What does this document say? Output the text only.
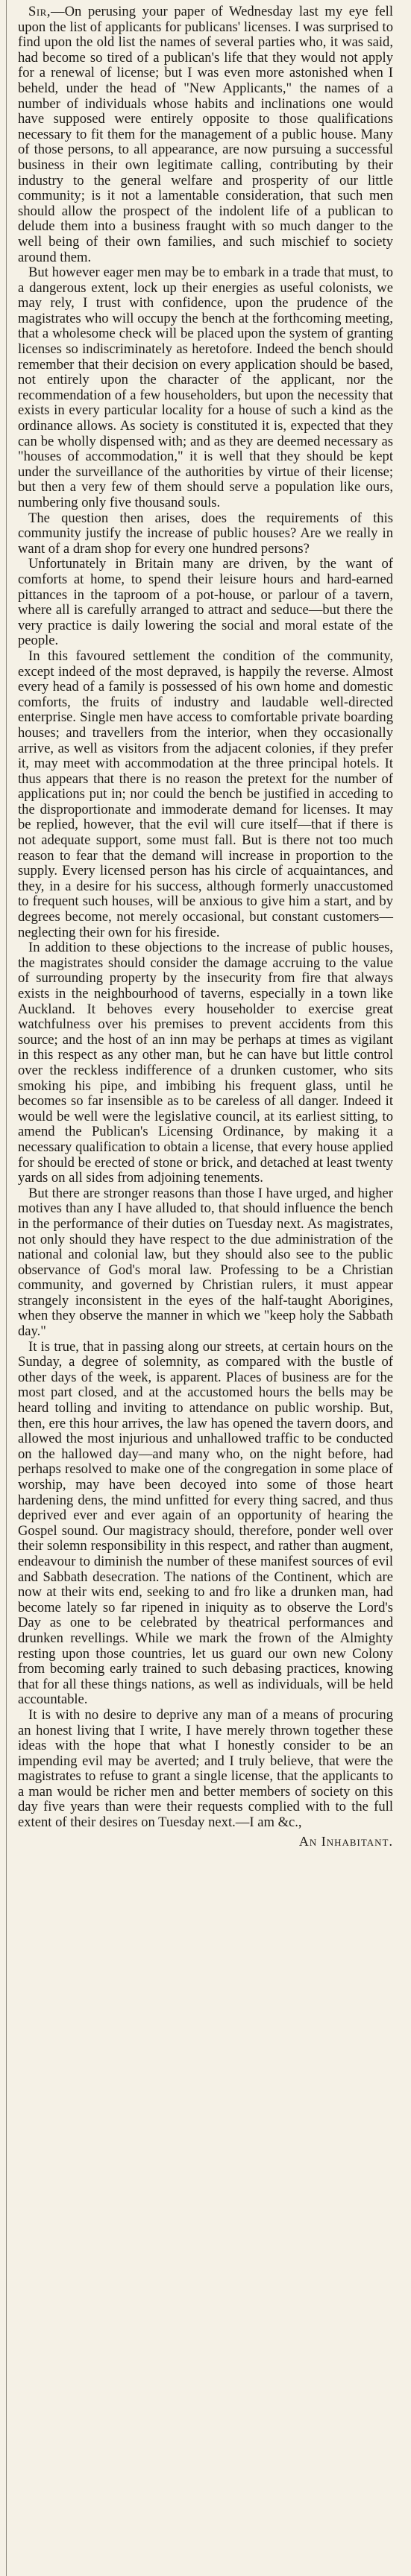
Sir,—On perusing your paper of Wednesday last my eye fell upon the list of applicants for publicans' licenses. I was surprised to find upon the old list the names of several parties who, it was said, had become so tired of a publican's life that they would not apply for a renewal of license; but I was even more astonished when I beheld, under the head of "New Applicants," the names of a number of individuals whose habits and inclinations one would have supposed were entirely opposite to those qualifications necessary to fit them for the management of a public house. Many of those persons, to all appearance, are now pursuing a successful business in their own legitimate calling, contributing by their industry to the general welfare and prosperity of our little community; is it not a lamentable consideration, that such men should allow the prospect of the indolent life of a publican to delude them into a business fraught with so much danger to the well being of their own families, and such mischief to society around them.

But however eager men may be to embark in a trade that must, to a dangerous extent, lock up their energies as useful colonists, we may rely, I trust with confidence, upon the prudence of the magistrates who will occupy the bench at the forthcoming meeting, that a wholesome check will be placed upon the system of granting licenses so indiscriminately as heretofore. Indeed the bench should remember that their decision on every application should be based, not entirely upon the character of the applicant, nor the recommendation of a few householders, but upon the necessity that exists in every particular locality for a house of such a kind as the ordinance allows. As society is constituted it is, expected that they can be wholly dispensed with; and as they are deemed necessary as "houses of accommodation," it is well that they should be kept under the surveillance of the authorities by virtue of their license; but then a very few of them should serve a population like ours, numbering only five thousand souls.

The question then arises, does the requirements of this community justify the increase of public houses? Are we really in want of a dram shop for every one hundred persons?

Unfortunately in Britain many are driven, by the want of comforts at home, to spend their leisure hours and hard-earned pittances in the taproom of a pot-house, or parlour of a tavern, where all is carefully arranged to attract and seduce—but there the very practice is daily lowering the social and moral estate of the people.

In this favoured settlement the condition of the community, except indeed of the most depraved, is happily the reverse. Almost every head of a family is possessed of his own home and domestic comforts, the fruits of industry and laudable well-directed enterprise. Single men have access to comfortable private boarding houses; and travellers from the interior, when they occasionally arrive, as well as visitors from the adjacent colonies, if they prefer it, may meet with accommodation at the three principal hotels. It thus appears that there is no reason the pretext for the number of applications put in; nor could the bench be justified in acceding to the disproportionate and immoderate demand for licenses. It may be replied, however, that the evil will cure itself—that if there is not adequate support, some must fall. But is there not too much reason to fear that the demand will increase in proportion to the supply. Every licensed person has his circle of acquaintances, and they, in a desire for his success, although formerly unaccustomed to frequent such houses, will be anxious to give him a start, and by degrees become, not merely occasional, but constant customers—neglecting their own for his fireside.

In addition to these objections to the increase of public houses, the magistrates should consider the damage accruing to the value of surrounding property by the insecurity from fire that always exists in the neighbourhood of taverns, especially in a town like Auckland. It behoves every householder to exercise great watchfulness over his premises to prevent accidents from this source; and the host of an inn may be perhaps at times as vigilant in this respect as any other man, but he can have but little control over the reckless indifference of a drunken customer, who sits smoking his pipe, and imbibing his frequent glass, until he becomes so far insensible as to be careless of all danger. Indeed it would be well were the legislative council, at its earliest sitting, to amend the Publican's Licensing Ordinance, by making it a necessary qualification to obtain a license, that every house applied for should be erected of stone or brick, and detached at least twenty yards on all sides from adjoining tenements.

But there are stronger reasons than those I have urged, and higher motives than any I have alluded to, that should influence the bench in the performance of their duties on Tuesday next. As magistrates, not only should they have respect to the due administration of the national and colonial law, but they should also see to the public observance of God's moral law. Professing to be a Christian community, and governed by Christian rulers, it must appear strangely inconsistent in the eyes of the half-taught Aborigines, when they observe the manner in which we "keep holy the Sabbath day."

It is true, that in passing along our streets, at certain hours on the Sunday, a degree of solemnity, as compared with the bustle of other days of the week, is apparent. Places of business are for the most part closed, and at the accustomed hours the bells may be heard tolling and inviting to attendance on public worship. But, then, ere this hour arrives, the law has opened the tavern doors, and allowed the most injurious and unhallowed traffic to be conducted on the hallowed day—and many who, on the night before, had perhaps resolved to make one of the congregation in some place of worship, may have been decoyed into some of those heart hardening dens, the mind unfitted for every thing sacred, and thus deprived ever and ever again of an opportunity of hearing the Gospel sound. Our magistracy should, therefore, ponder well over their solemn responsibility in this respect, and rather than augment, endeavour to diminish the number of these manifest sources of evil and Sabbath desecration. The nations of the Continent, which are now at their wits end, seeking to and fro like a drunken man, had become lately so far ripened in iniquity as to observe the Lord's Day as one to be celebrated by theatrical performances and drunken revellings. While we mark the frown of the Almighty resting upon those countries, let us guard our own new Colony from becoming early trained to such debasing practices, knowing that for all these things nations, as well as individuals, will be held accountable.

It is with no desire to deprive any man of a means of procuring an honest living that I write, I have merely thrown together these ideas with the hope that what I honestly consider to be an impending evil may be averted; and I truly believe, that were the magistrates to refuse to grant a single license, that the applicants to a man would be richer men and better members of society on this day five years than were their requests complied with to the full extent of their desires on Tuesday next.—I am &c.,

An Inhabitant.
